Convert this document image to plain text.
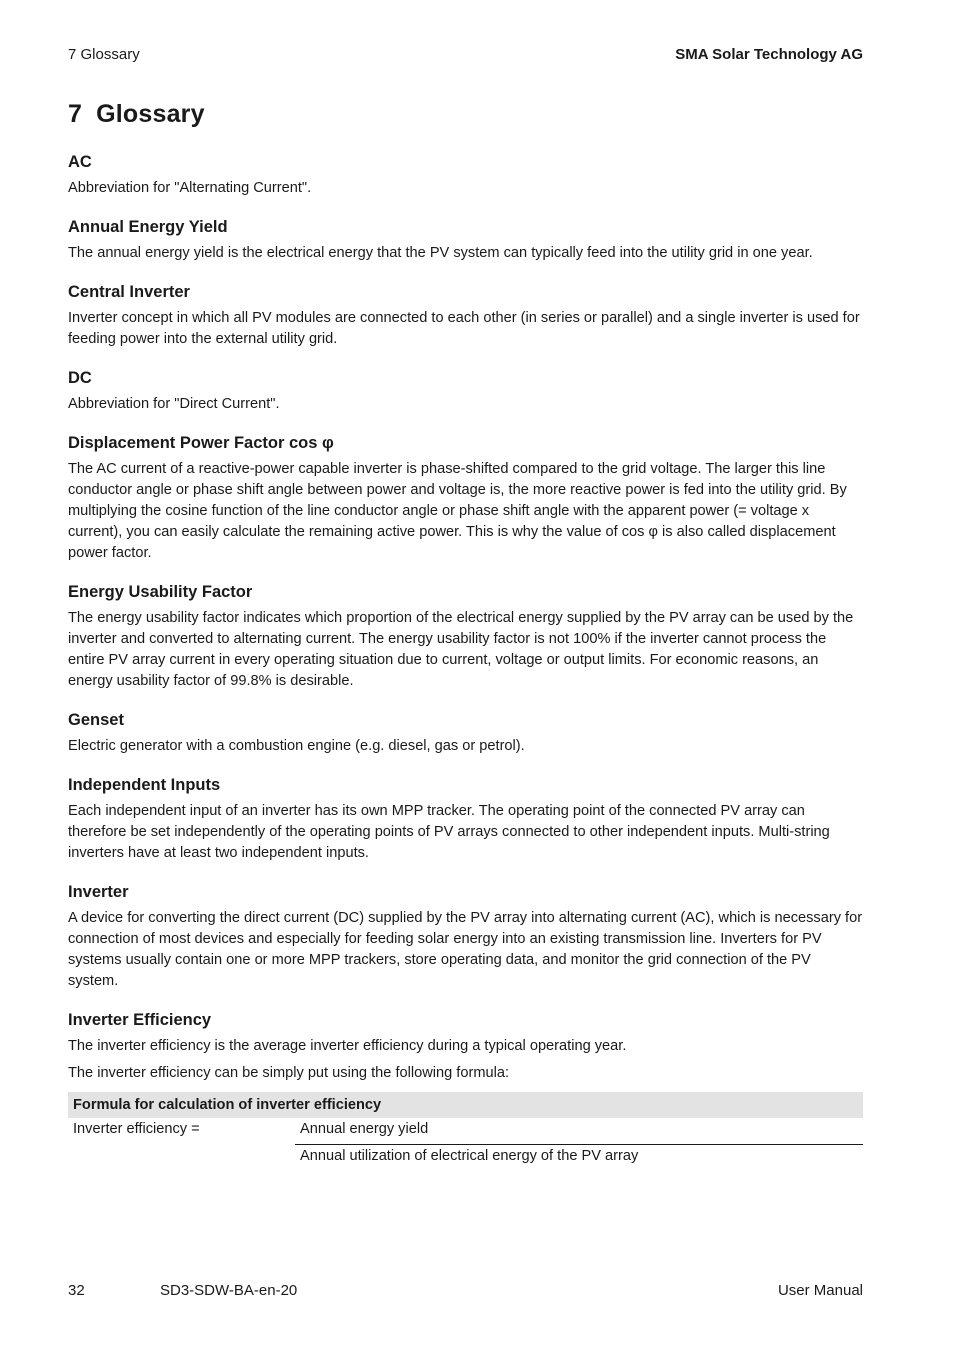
7 Glossary	SMA Solar Technology AG
7 Glossary

AC

Abbreviation for "Alternating Current".

Annual Energy Yield

The annual energy yield is the electrical energy that the PV system can typically feed into the utility grid in one year.

Central Inverter

Inverter concept in which all PV modules are connected to each other (in series or parallel) and a single inverter is used for feeding power into the external utility grid.

DC

Abbreviation for "Direct Current".

Displacement Power Factor cos φ

The AC current of a reactive-power capable inverter is phase-shifted compared to the grid voltage. The larger this line conductor angle or phase shift angle between power and voltage is, the more reactive power is fed into the utility grid. By multiplying the cosine function of the line conductor angle or phase shift angle with the apparent power (= voltage x current), you can easily calculate the remaining active power. This is why the value of cos φ is also called displacement power factor.

Energy Usability Factor

The energy usability factor indicates which proportion of the electrical energy supplied by the PV array can be used by the inverter and converted to alternating current. The energy usability factor is not 100% if the inverter cannot process the entire PV array current in every operating situation due to current, voltage or output limits. For economic reasons, an energy usability factor of 99.8% is desirable.

Genset

Electric generator with a combustion engine (e.g. diesel, gas or petrol).

Independent Inputs

Each independent input of an inverter has its own MPP tracker. The operating point of the connected PV array can therefore be set independently of the operating points of PV arrays connected to other independent inputs. Multi-string inverters have at least two independent inputs.

Inverter

A device for converting the direct current (DC) supplied by the PV array into alternating current (AC), which is necessary for connection of most devices and especially for feeding solar energy into an existing transmission line. Inverters for PV systems usually contain one or more MPP trackers, store operating data, and monitor the grid connection of the PV system.

Inverter Efficiency

The inverter efficiency is the average inverter efficiency during a typical operating year.

The inverter efficiency can be simply put using the following formula:

Formula for calculation of inverter efficiency	
Inverter efficiency =	Annual energy yield
	Annual utilization of electrical energy of the PV array
32	SD3-SDW-BA-en-20	User Manual
